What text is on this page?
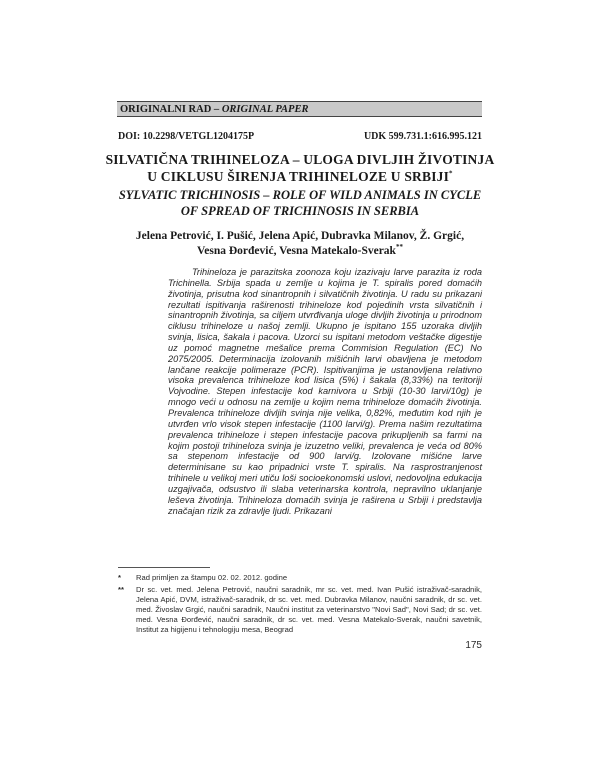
ORIGINALNI RAD – ORIGINAL PAPER
DOI: 10.2298/VETGL1204175P	UDK 599.731.1:616.995.121
SILVATIČNA TRIHINELOZA – ULOGA DIVLJIH ŽIVOTINJA
U CIKLUSU ŠIRENJA TRIHINELOZE U SRBIJI*
SYLVATIC TRICHINOSIS – ROLE OF WILD ANIMALS IN CYCLE
OF SPREAD OF TRICHINOSIS IN SERBIA
Jelena Petrović, I. Pušić, Jelena Apić, Dubravka Milanov, Ž. Grgić,
Vesna Đorđević, Vesna Matekalo-Sverak**

Trihineloza je parazitska zoonoza koju izazivaju larve parazita iz roda Trichinella. Srbija spada u zemlje u kojima je T. spiralis pored domaćih životinja, prisutna kod sinantropnih i silvatičnih životinja. U radu su prikazani rezultati ispitivanja raširenosti trihineloze kod pojedinih vrsta silvatičnih i sinantropnih životinja, sa ciljem utvrđivanja uloge divljih životinja u prirodnom ciklusu trihineloze u našoj zemlji. Ukupno je ispitano 155 uzoraka divljih svinja, lisica, šakala i pacova. Uzorci su ispitani metodom veštačke digestije uz pomoć magnetne mešalice prema Commision Regulation (EC) No 2075/2005. Determinacija izolovanih mišićnih larvi obavljena je metodom lančane reakcije polimeraze (PCR). Ispitivanjima je ustanovljena relativno visoka prevalenca trihineloze kod lisica (5%) i šakala (8,33%) na teritoriji Vojvodine. Stepen infestacije kod karnivora u Srbiji (10-30 larvi/10g) je mnogo veći u odnosu na zemlje u kojim nema trihineloze domaćih životinja. Prevalenca trihineloze divljih svinja nije velika, 0,82%, međutim kod njih je utvrđen vrlo visok stepen infestacije (1100 larvi/g). Prema našim rezultatima prevalenca trihineloze i stepen infestacije pacova prikupljenih sa farmi na kojim postoji trihineloza svinja je izuzetno veliki, prevalenca je veća od 80% sa stepenom infestacije od 900 larvi/g. Izolovane mišićne larve determinisane su kao pripadnici vrste T. spiralis. Na rasprostranjenost trihinele u velikoj meri utiču loši socioekonomski uslovi, nedovoljna edukacija uzgajivača, odsustvo ili slaba veterinarska kontrola, nepravilno uklanjanje leševa životinja. Trihineloza domaćih svinja je raširena u Srbiji i predstavlja značajan rizik za zdravlje ljudi. Prikazani

*	Rad primljen za štampu 02. 02. 2012. godine
**	Dr sc. vet. med. Jelena Petrović, naučni saradnik, mr sc. vet. med. Ivan Pušić istraživač-saradnik, Jelena Apić, DVM, istraživač-saradnik, dr sc. vet. med. Dubravka Milanov, naučni saradnik, dr sc. vet. med. Živoslav Grgić, naučni saradnik, Naučni institut za veterinarstvo "Novi Sad", Novi Sad; dr sc. vet. med. Vesna Đorđević, naučni saradnik, dr sc. vet. med. Vesna Matekalo-Sverak, naučni savetnik, Institut za higijenu i tehnologiju mesa, Beograd
175
